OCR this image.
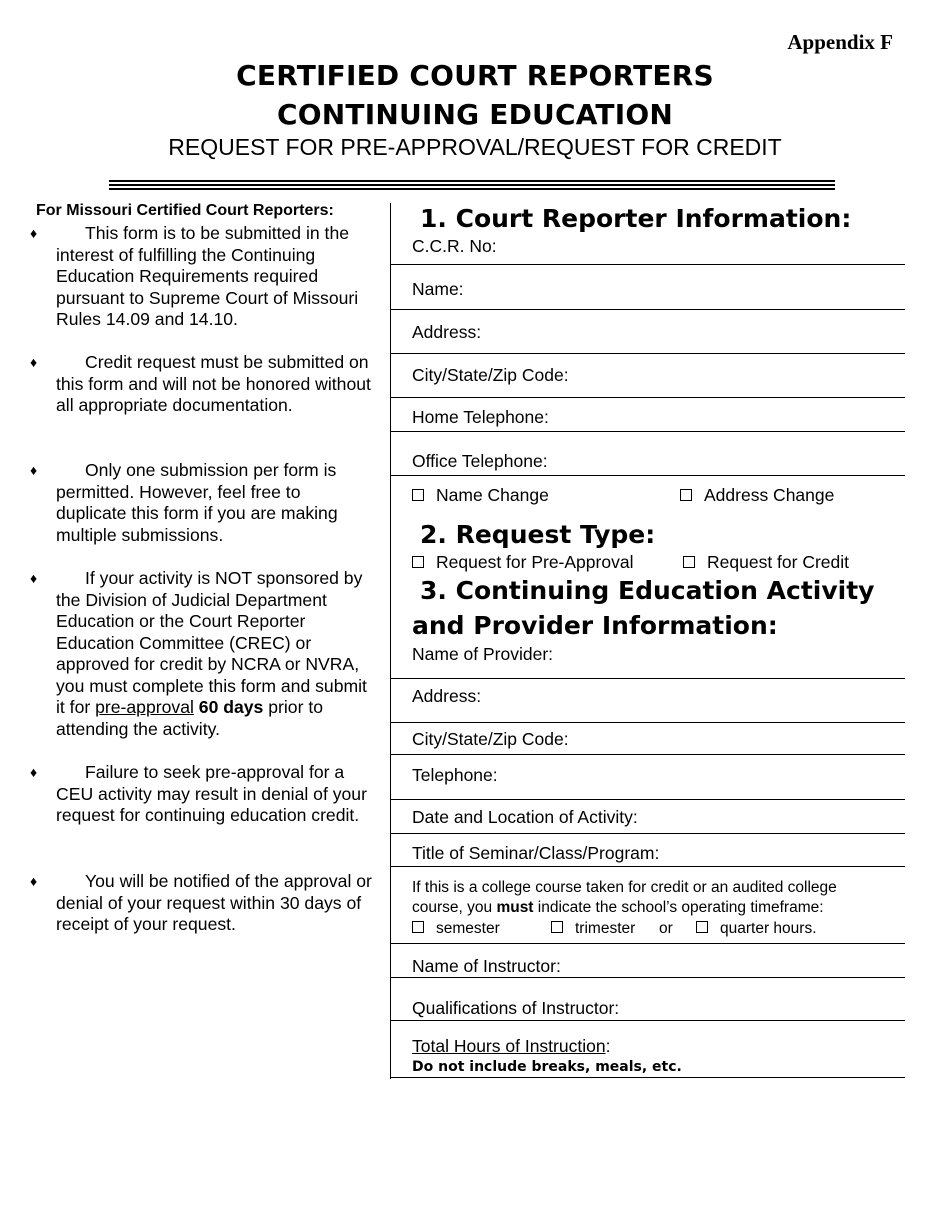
Appendix F
CERTIFIED COURT REPORTERS
CONTINUING EDUCATION
REQUEST FOR PRE-APPROVAL/REQUEST FOR CREDIT
For Missouri Certified Court Reporters:
♦	This form is to be submitted in the interest of fulfilling the Continuing Education Requirements required pursuant to Supreme Court of Missouri Rules 14.09 and 14.10.
♦	Credit request must be submitted on this form and will not be honored without all appropriate documentation.
♦	Only one submission per form is permitted. However, feel free to duplicate this form if you are making multiple submissions.
♦	If your activity is NOT sponsored by the Division of Judicial Department Education or the Court Reporter Education Committee (CREC) or approved for credit by NCRA or NVRA, you must complete this form and submit it for pre-approval 60 days prior to attending the activity.
♦	Failure to seek pre-approval for a CEU activity may result in denial of your request for continuing education credit.
♦	You will be notified of the approval or denial of your request within 30 days of receipt of your request.
1. Court Reporter Information:
C.C.R. No:
Name:
Address:
City/State/Zip Code:
Home Telephone:
Office Telephone:
Name Change	Address Change
2. Request Type:
Request for Pre-Approval	Request for Credit
3. Continuing Education Activity
and Provider Information:
Name of Provider:
Address:
City/State/Zip Code:
Telephone:
Date and Location of Activity:
Title of Seminar/Class/Program:
If this is a college course taken for credit or an audited college
course, you must indicate the school’s operating timeframe:
semester	trimester or	quarter hours.
Name of Instructor:
Qualifications of Instructor:
Total Hours of Instruction:
Do not include breaks, meals, etc.
